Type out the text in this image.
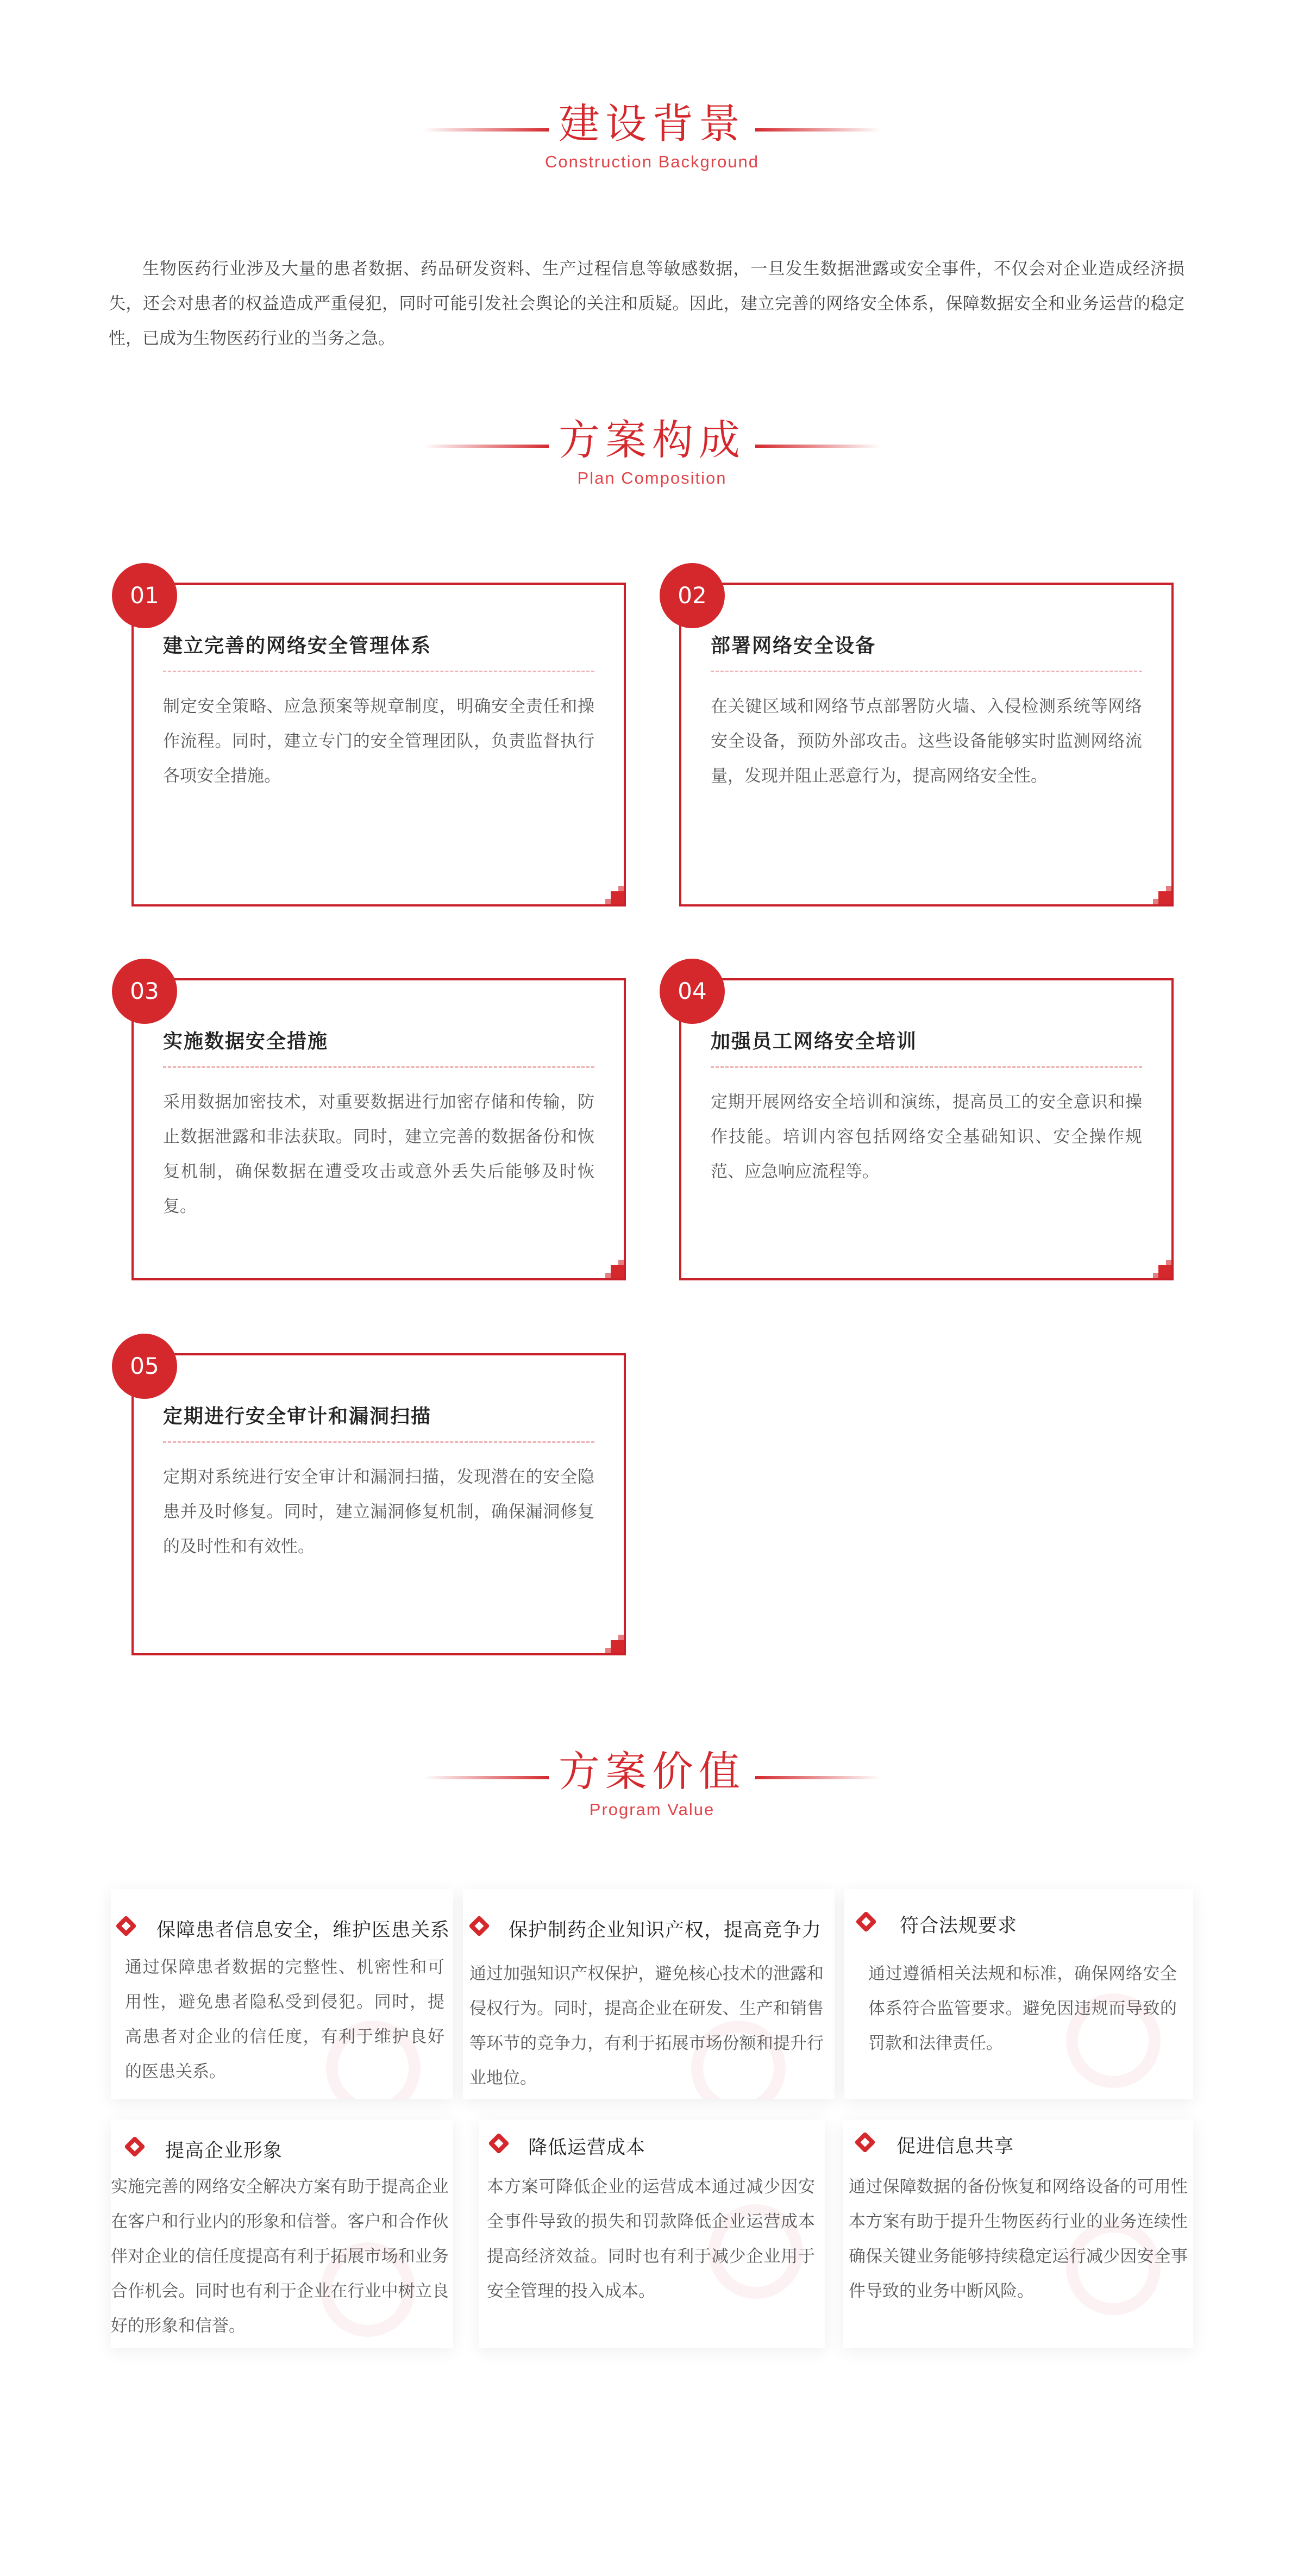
建设背景
Construction Background

生物医药行业涉及大量的患者数据、药品研发资料、生产过程信息等敏感数据，一旦发生数据泄露或安全事件，不仅会对企业造成经济损失，还会对患者的权益造成严重侵犯，同时可能引发社会舆论的关注和质疑。因此，建立完善的网络安全体系，保障数据安全和业务运营的稳定性，已成为生物医药行业的当务之急。

方案构成
Plan Composition
01
建立完善的网络安全管理体系
制定安全策略、应急预案等规章制度，明确安全责任和操作流程。同时，建立专门的安全管理团队，负责监督执行各项安全措施。
02
部署网络安全设备
在关键区域和网络节点部署防火墙、入侵检测系统等网络安全设备，预防外部攻击。这些设备能够实时监测网络流量，发现并阻止恶意行为，提高网络安全性。
03
实施数据安全措施
采用数据加密技术，对重要数据进行加密存储和传输，防止数据泄露和非法获取。同时，建立完善的数据备份和恢复机制，确保数据在遭受攻击或意外丢失后能够及时恢复。
04
加强员工网络安全培训
定期开展网络安全培训和演练，提高员工的安全意识和操作技能。培训内容包括网络安全基础知识、安全操作规范、应急响应流程等。
05
定期进行安全审计和漏洞扫描
定期对系统进行安全审计和漏洞扫描，发现潜在的安全隐患并及时修复。同时，建立漏洞修复机制，确保漏洞修复的及时性和有效性。
方案价值
Program Value
保障患者信息安全，维护医患关系
通过保障患者数据的完整性、机密性和可用性，避免患者隐私受到侵犯。同时，提高患者对企业的信任度，有利于维护良好的医患关系。
保护制药企业知识产权，提高竞争力
通过加强知识产权保护，避免核心技术的泄露和侵权行为。同时，提高企业在研发、生产和销售等环节的竞争力，有利于拓展市场份额和提升行业地位。
符合法规要求
通过遵循相关法规和标准，确保网络安全体系符合监管要求。避免因违规而导致的罚款和法律责任。
提高企业形象
实施完善的网络安全解决方案有助于提高企业在客户和行业内的形象和信誉。客户和合作伙伴对企业的信任度提高有利于拓展市场和业务合作机会。同时也有利于企业在行业中树立良好的形象和信誉。
降低运营成本
本方案可降低企业的运营成本通过减少因安全事件导致的损失和罚款降低企业运营成本提高经济效益。同时也有利于减少企业用于安全管理的投入成本。
促进信息共享
通过保障数据的备份恢复和网络设备的可用性本方案有助于提升生物医药行业的业务连续性确保关键业务能够持续稳定运行减少因安全事件导致的业务中断风险。
